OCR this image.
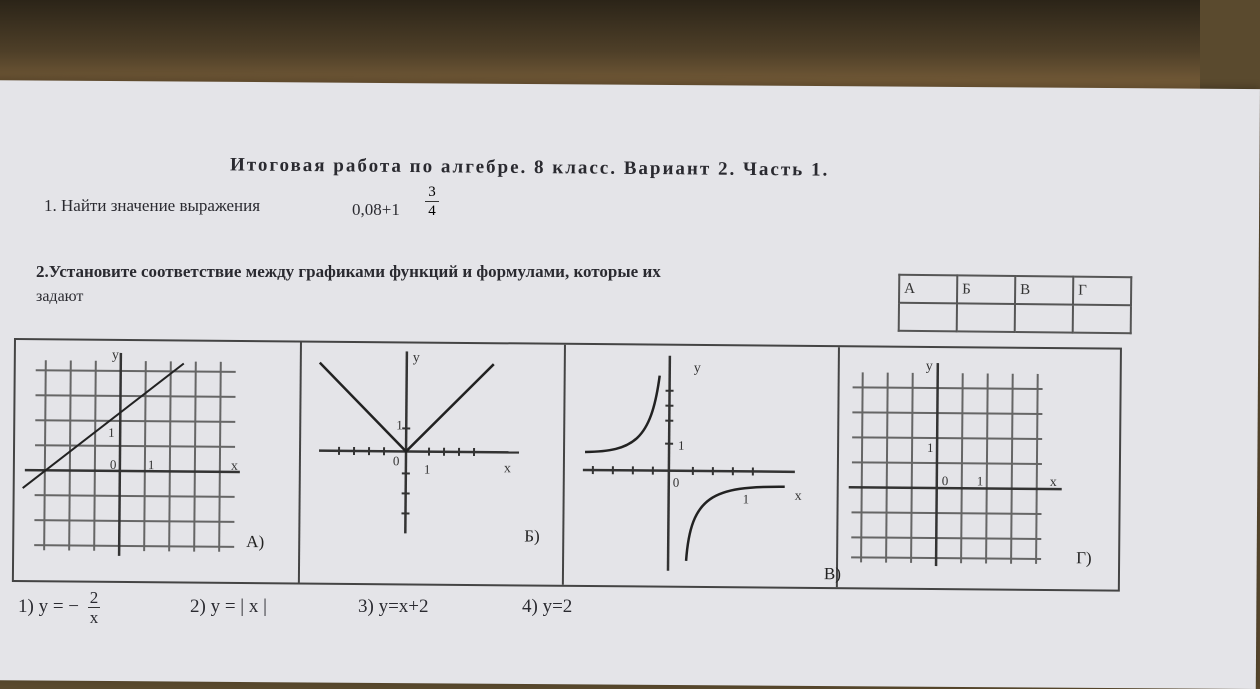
Итоговая работа по алгебре. 8 класс. Вариант 2. Часть 1.
1. Найти значение выражения	$0,08+1 \frac{3}{4}$
2.Установите соответствие между графиками функций и формулами, которые их
задают	А	Б	В	Г

y
x
0 1
1
А)
y
x
0
1
1
Б)
y
x
0
1
1
В)
y
x
0 1
1
Г)
1) y = − $\frac{2}{x}$	2) y = | x |	3) y=x+2	4) y=2
